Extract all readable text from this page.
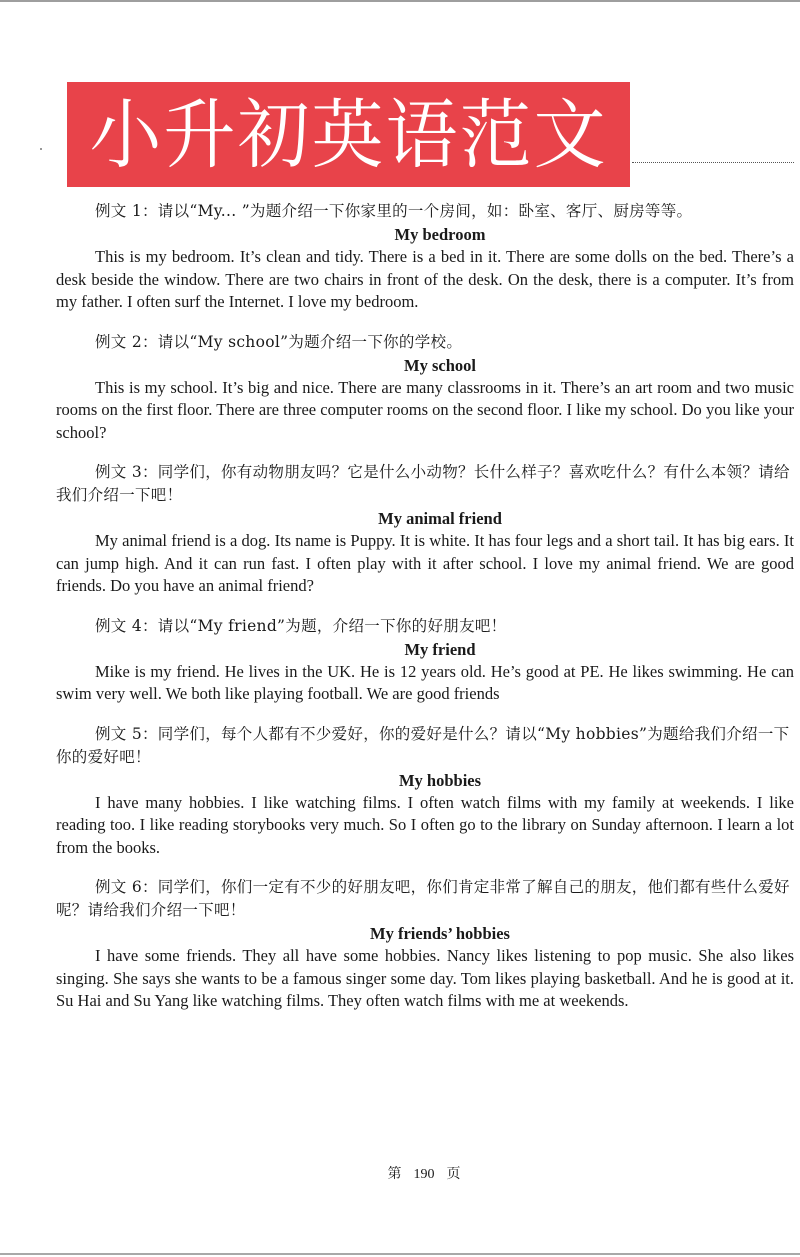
小升初英语范文

例文 1：请以“My... ”为题介绍一下你家里的一个房间，如：卧室、客厅、厨房等等。

My bedroom

This is my bedroom. It’s clean and tidy. There is a bed in it. There are some dolls on the bed. There’s a desk beside the window. There are two chairs in front of the desk. On the desk, there is a computer. It’s from my father. I often surf the Internet. I love my bedroom.

例文 2：请以“My school”为题介绍一下你的学校。

My school

This is my school. It’s big and nice. There are many classrooms in it. There’s an art room and two music rooms on the first floor. There are three computer rooms on the second floor. I like my school. Do you like your school?

例文 3：同学们，你有动物朋友吗？它是什么小动物？长什么样子？喜欢吃什么？有什么本领？请给我们介绍一下吧！

My animal friend

My animal friend is a dog. Its name is Puppy. It is white. It has four legs and a short tail. It has big ears. It can jump high. And it can run fast. I often play with it after school. I love my animal friend. We are good friends. Do you have an animal friend?

例文 4：请以“My friend”为题，介绍一下你的好朋友吧！

My friend

Mike is my friend. He lives in the UK. He is 12 years old. He’s good at PE. He likes swimming. He can swim very well. We both like playing football. We are good friends

例文 5：同学们，每个人都有不少爱好，你的爱好是什么？请以“My hobbies”为题给我们介绍一下你的爱好吧！

My hobbies

I have many hobbies. I like watching films. I often watch films with my family at weekends. I like reading too. I like reading storybooks very much. So I often go to the library on Sunday afternoon. I learn a lot from the books.

例文 6：同学们，你们一定有不少的好朋友吧，你们肯定非常了解自己的朋友，他们都有些什么爱好呢？请给我们介绍一下吧！

My friends’ hobbies

I have some friends. They all have some hobbies. Nancy likes listening to pop music. She also likes singing. She says she wants to be a famous singer some day. Tom likes playing basketball. And he is good at it. Su Hai and Su Yang like watching films. They often watch films with me at weekends.

第 190 页
